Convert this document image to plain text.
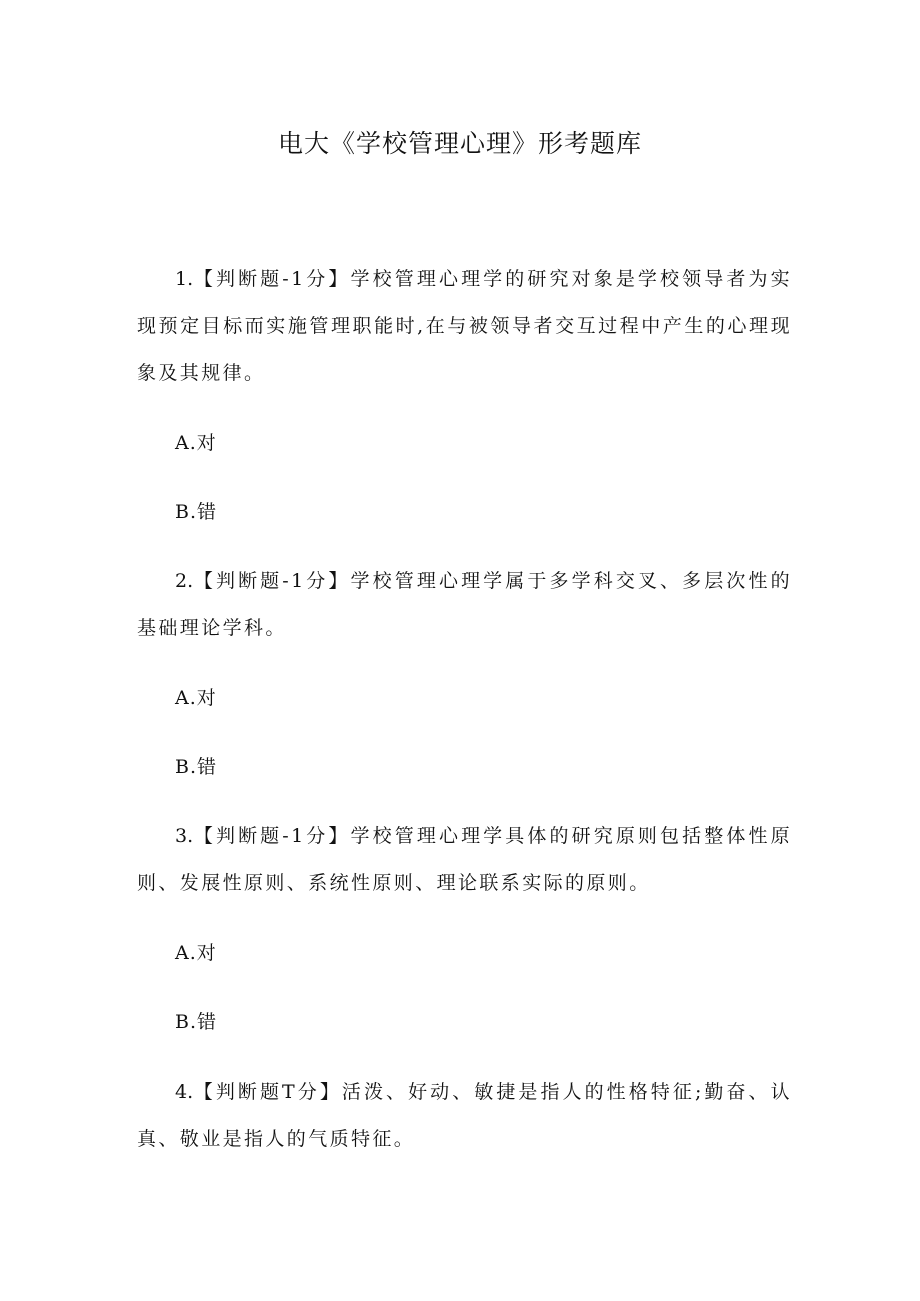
电大《学校管理心理》形考题库

1.【判断题-1分】学校管理心理学的研究对象是学校领导者为实现预定目标而实施管理职能时,在与被领导者交互过程中产生的心理现象及其规律。

A.对
B.错

2.【判断题-1分】学校管理心理学属于多学科交叉、多层次性的基础理论学科。

A.对
B.错

3.【判断题-1分】学校管理心理学具体的研究原则包括整体性原则、发展性原则、系统性原则、理论联系实际的原则。

A.对
B.错

4.【判断题T分】活泼、好动、敏捷是指人的性格特征;勤奋、认真、敬业是指人的气质特征。
